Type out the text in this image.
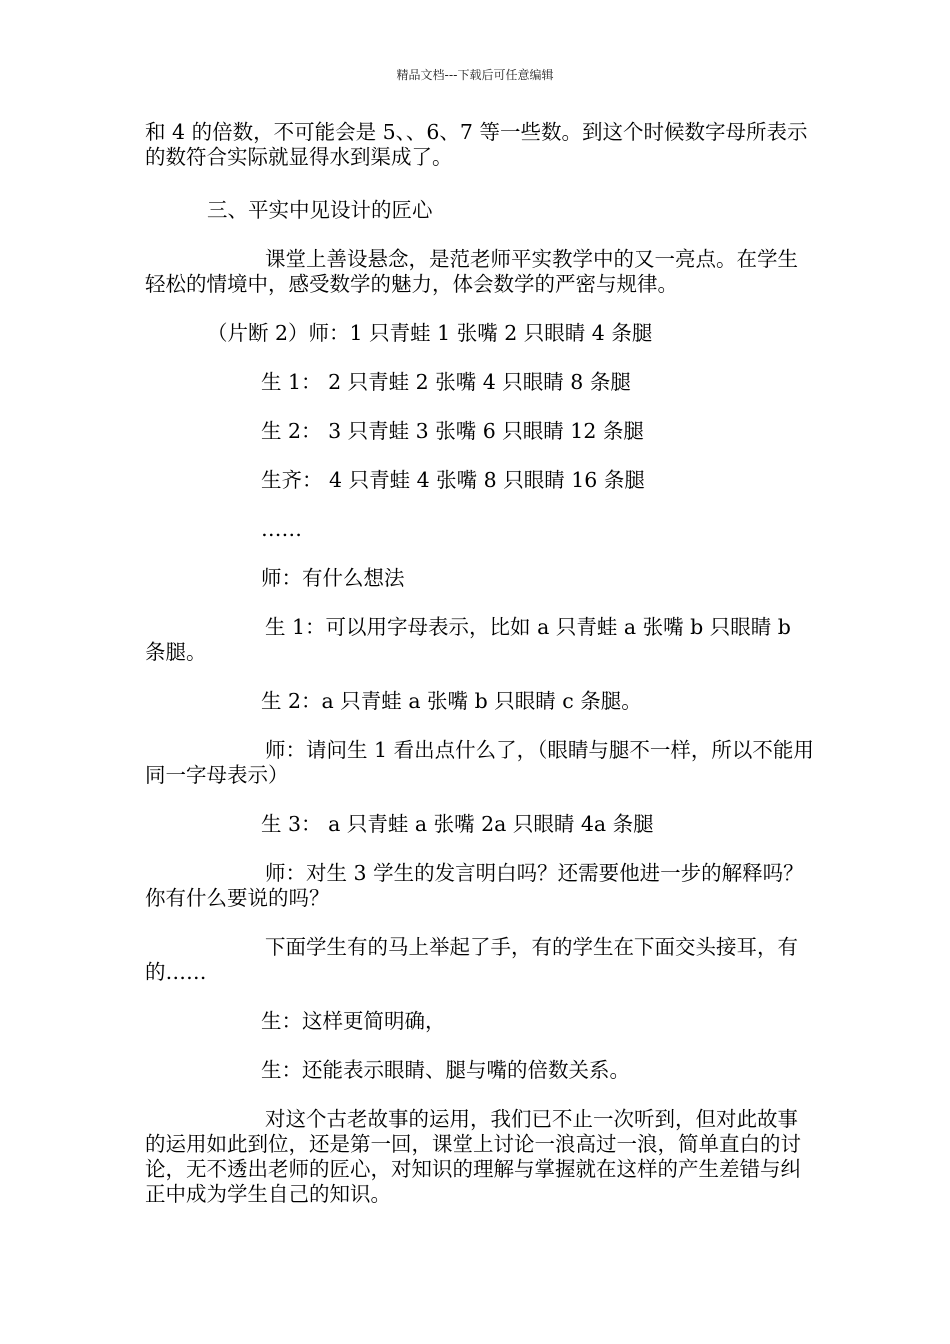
精品文档---下载后可任意编辑

和 4 的倍数，不可能会是 5、、6、7 等一些数。到这个时候数字母所表示的数符合实际就显得水到渠成了。

三、平实中见设计的匠心

课堂上善设悬念，是范老师平实教学中的又一亮点。在学生轻松的情境中，感受数学的魅力，体会数学的严密与规律。

（片断 2）师：1 只青蛙 1 张嘴 2 只眼睛 4 条腿

生 1： 2 只青蛙 2 张嘴 4 只眼睛 8 条腿

生 2： 3 只青蛙 3 张嘴 6 只眼睛 12 条腿

生齐： 4 只青蛙 4 张嘴 8 只眼睛 16 条腿

……

师：有什么想法

生 1：可以用字母表示，比如 a 只青蛙 a 张嘴 b 只眼睛 b 条腿。

生 2：a 只青蛙 a 张嘴 b 只眼睛 c 条腿。

师：请问生 1 看出点什么了，（眼睛与腿不一样，所以不能用同一字母表示）

生 3： a 只青蛙 a 张嘴 2a 只眼睛 4a 条腿

师：对生 3 学生的发言明白吗？还需要他进一步的解释吗？你有什么要说的吗？

下面学生有的马上举起了手，有的学生在下面交头接耳，有的……

生：这样更简明确，

生：还能表示眼睛、腿与嘴的倍数关系。

对这个古老故事的运用，我们已不止一次听到，但对此故事的运用如此到位，还是第一回，课堂上讨论一浪高过一浪，简单直白的讨论，无不透出老师的匠心，对知识的理解与掌握就在这样的产生差错与纠正中成为学生自己的知识。
